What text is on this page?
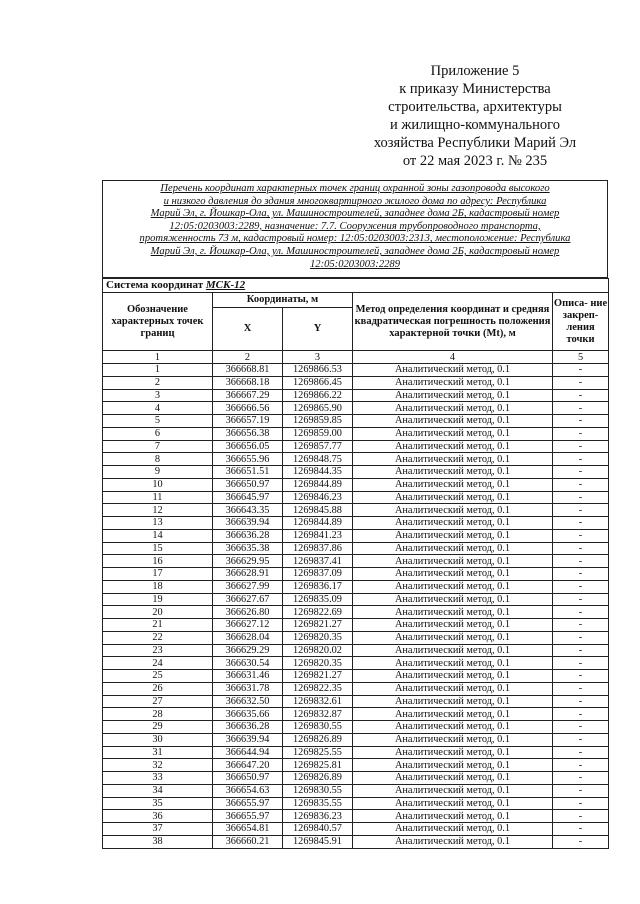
Приложение 5
к приказу Министерства
строительства, архитектуры
и жилищно-коммунального
хозяйства Республики Марий Эл
от 22 мая 2023 г. № 235
Перечень координат характерных точек границ охранной зоны газопровода высокого
и низкого давления до здания многоквартирного жилого дома по адресу: Республика
Марий Эл, г. Йошкар-Ола, ул. Машиностроителей, западнее дома 2Б, кадастровый номер
12:05:0203003:2289, назначение: 7.7. Сооружения трубопроводного транспорта,
протяженность 73 м, кадастровый номер: 12:05:0203003:2313, местоположение: Республика
Марий Эл, г. Йошкар-Ола, ул. Машиностроителей, западнее дома 2Б, кадастровый номер
12:05:0203003:2289
Система координат МСК-12				
Обозначение характерных точек границ	Координаты, м		Метод определения координат и средняя квадратическая погрешность положения характерной точки (Mt), м	Описа- ние закреп- ления точки
	X	Y		
1	2	3	4	5
1	366668.81	1269866.53	Аналитический метод, 0.1	-
2	366668.18	1269866.45	Аналитический метод, 0.1	-
3	366667.29	1269866.22	Аналитический метод, 0.1	-
4	366666.56	1269865.90	Аналитический метод, 0.1	-
5	366657.19	1269859.85	Аналитический метод, 0.1	-
6	366656.38	1269859.00	Аналитический метод, 0.1	-
7	366656.05	1269857.77	Аналитический метод, 0.1	-
8	366655.96	1269848.75	Аналитический метод, 0.1	-
9	366651.51	1269844.35	Аналитический метод, 0.1	-
10	366650.97	1269844.89	Аналитический метод, 0.1	-
11	366645.97	1269846.23	Аналитический метод, 0.1	-
12	366643.35	1269845.88	Аналитический метод, 0.1	-
13	366639.94	1269844.89	Аналитический метод, 0.1	-
14	366636.28	1269841.23	Аналитический метод, 0.1	-
15	366635.38	1269837.86	Аналитический метод, 0.1	-
16	366629.95	1269837.41	Аналитический метод, 0.1	-
17	366628.91	1269837.09	Аналитический метод, 0.1	-
18	366627.99	1269836.17	Аналитический метод, 0.1	-
19	366627.67	1269835.09	Аналитический метод, 0.1	-
20	366626.80	1269822.69	Аналитический метод, 0.1	-
21	366627.12	1269821.27	Аналитический метод, 0.1	-
22	366628.04	1269820.35	Аналитический метод, 0.1	-
23	366629.29	1269820.02	Аналитический метод, 0.1	-
24	366630.54	1269820.35	Аналитический метод, 0.1	-
25	366631.46	1269821.27	Аналитический метод, 0.1	-
26	366631.78	1269822.35	Аналитический метод, 0.1	-
27	366632.50	1269832.61	Аналитический метод, 0.1	-
28	366635.66	1269832.87	Аналитический метод, 0.1	-
29	366636.28	1269830.55	Аналитический метод, 0.1	-
30	366639.94	1269826.89	Аналитический метод, 0.1	-
31	366644.94	1269825.55	Аналитический метод, 0.1	-
32	366647.20	1269825.81	Аналитический метод, 0.1	-
33	366650.97	1269826.89	Аналитический метод, 0.1	-
34	366654.63	1269830.55	Аналитический метод, 0.1	-
35	366655.97	1269835.55	Аналитический метод, 0.1	-
36	366655.97	1269836.23	Аналитический метод, 0.1	-
37	366654.81	1269840.57	Аналитический метод, 0.1	-
38	366660.21	1269845.91	Аналитический метод, 0.1	-
